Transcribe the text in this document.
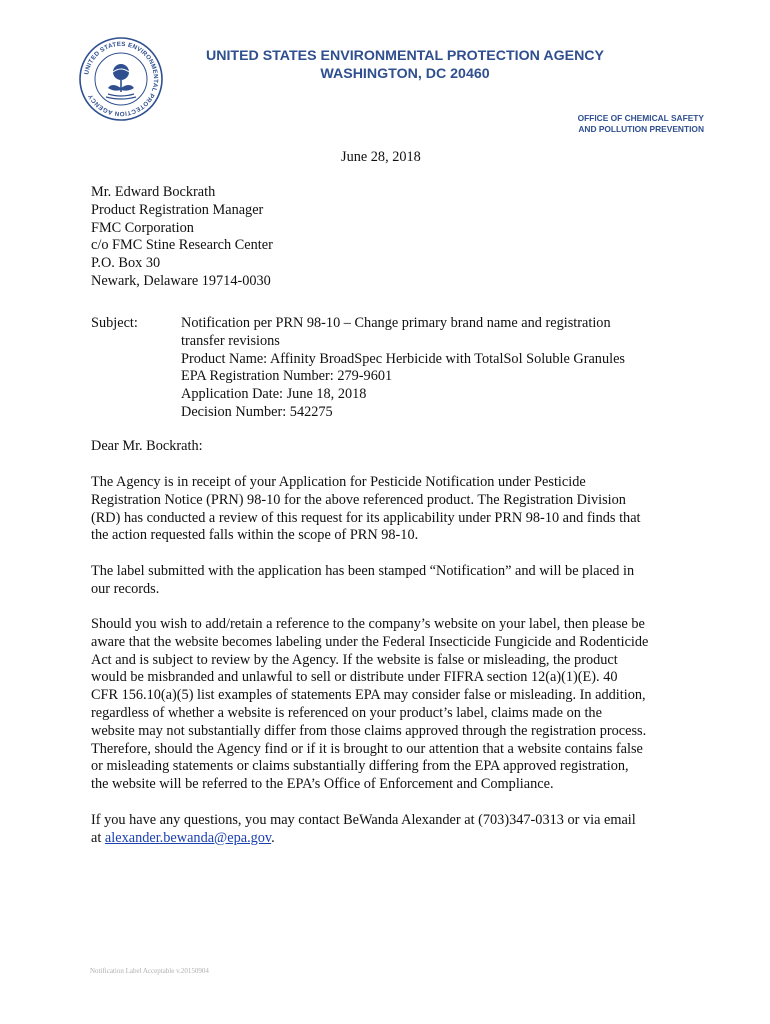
UNITED STATES ENVIRONMENTAL PROTECTION AGENCY
UNITED STATES ENVIRONMENTAL PROTECTION AGENCY
WASHINGTON, DC 20460
OFFICE OF CHEMICAL SAFETY
AND POLLUTION PREVENTION
June 28, 2018
Mr. Edward Bockrath
Product Registration Manager
FMC Corporation
c/o FMC Stine Research Center
P.O. Box 30
Newark, Delaware 19714-0030
Subject:	Notification per PRN 98-10 – Change primary brand name and registration
transfer revisions
Product Name: Affinity BroadSpec Herbicide with TotalSol Soluble Granules
EPA Registration Number: 279-9601
Application Date: June 18, 2018
Decision Number: 542275
Dear Mr. Bockrath:
The Agency is in receipt of your Application for Pesticide Notification under Pesticide
Registration Notice (PRN) 98-10 for the above referenced product. The Registration Division
(RD) has conducted a review of this request for its applicability under PRN 98-10 and finds that
the action requested falls within the scope of PRN 98-10.
The label submitted with the application has been stamped “Notification” and will be placed in
our records.
Should you wish to add/retain a reference to the company’s website on your label, then please be
aware that the website becomes labeling under the Federal Insecticide Fungicide and Rodenticide
Act and is subject to review by the Agency. If the website is false or misleading, the product
would be misbranded and unlawful to sell or distribute under FIFRA section 12(a)(1)(E). 40
CFR 156.10(a)(5) list examples of statements EPA may consider false or misleading. In addition,
regardless of whether a website is referenced on your product’s label, claims made on the
website may not substantially differ from those claims approved through the registration process.
Therefore, should the Agency find or if it is brought to our attention that a website contains false
or misleading statements or claims substantially differing from the EPA approved registration,
the website will be referred to the EPA’s Office of Enforcement and Compliance.
If you have any questions, you may contact BeWanda Alexander at (703)347-0313 or via email
at alexander.bewanda@epa.gov.
Notification Label Acceptable v.20150904
